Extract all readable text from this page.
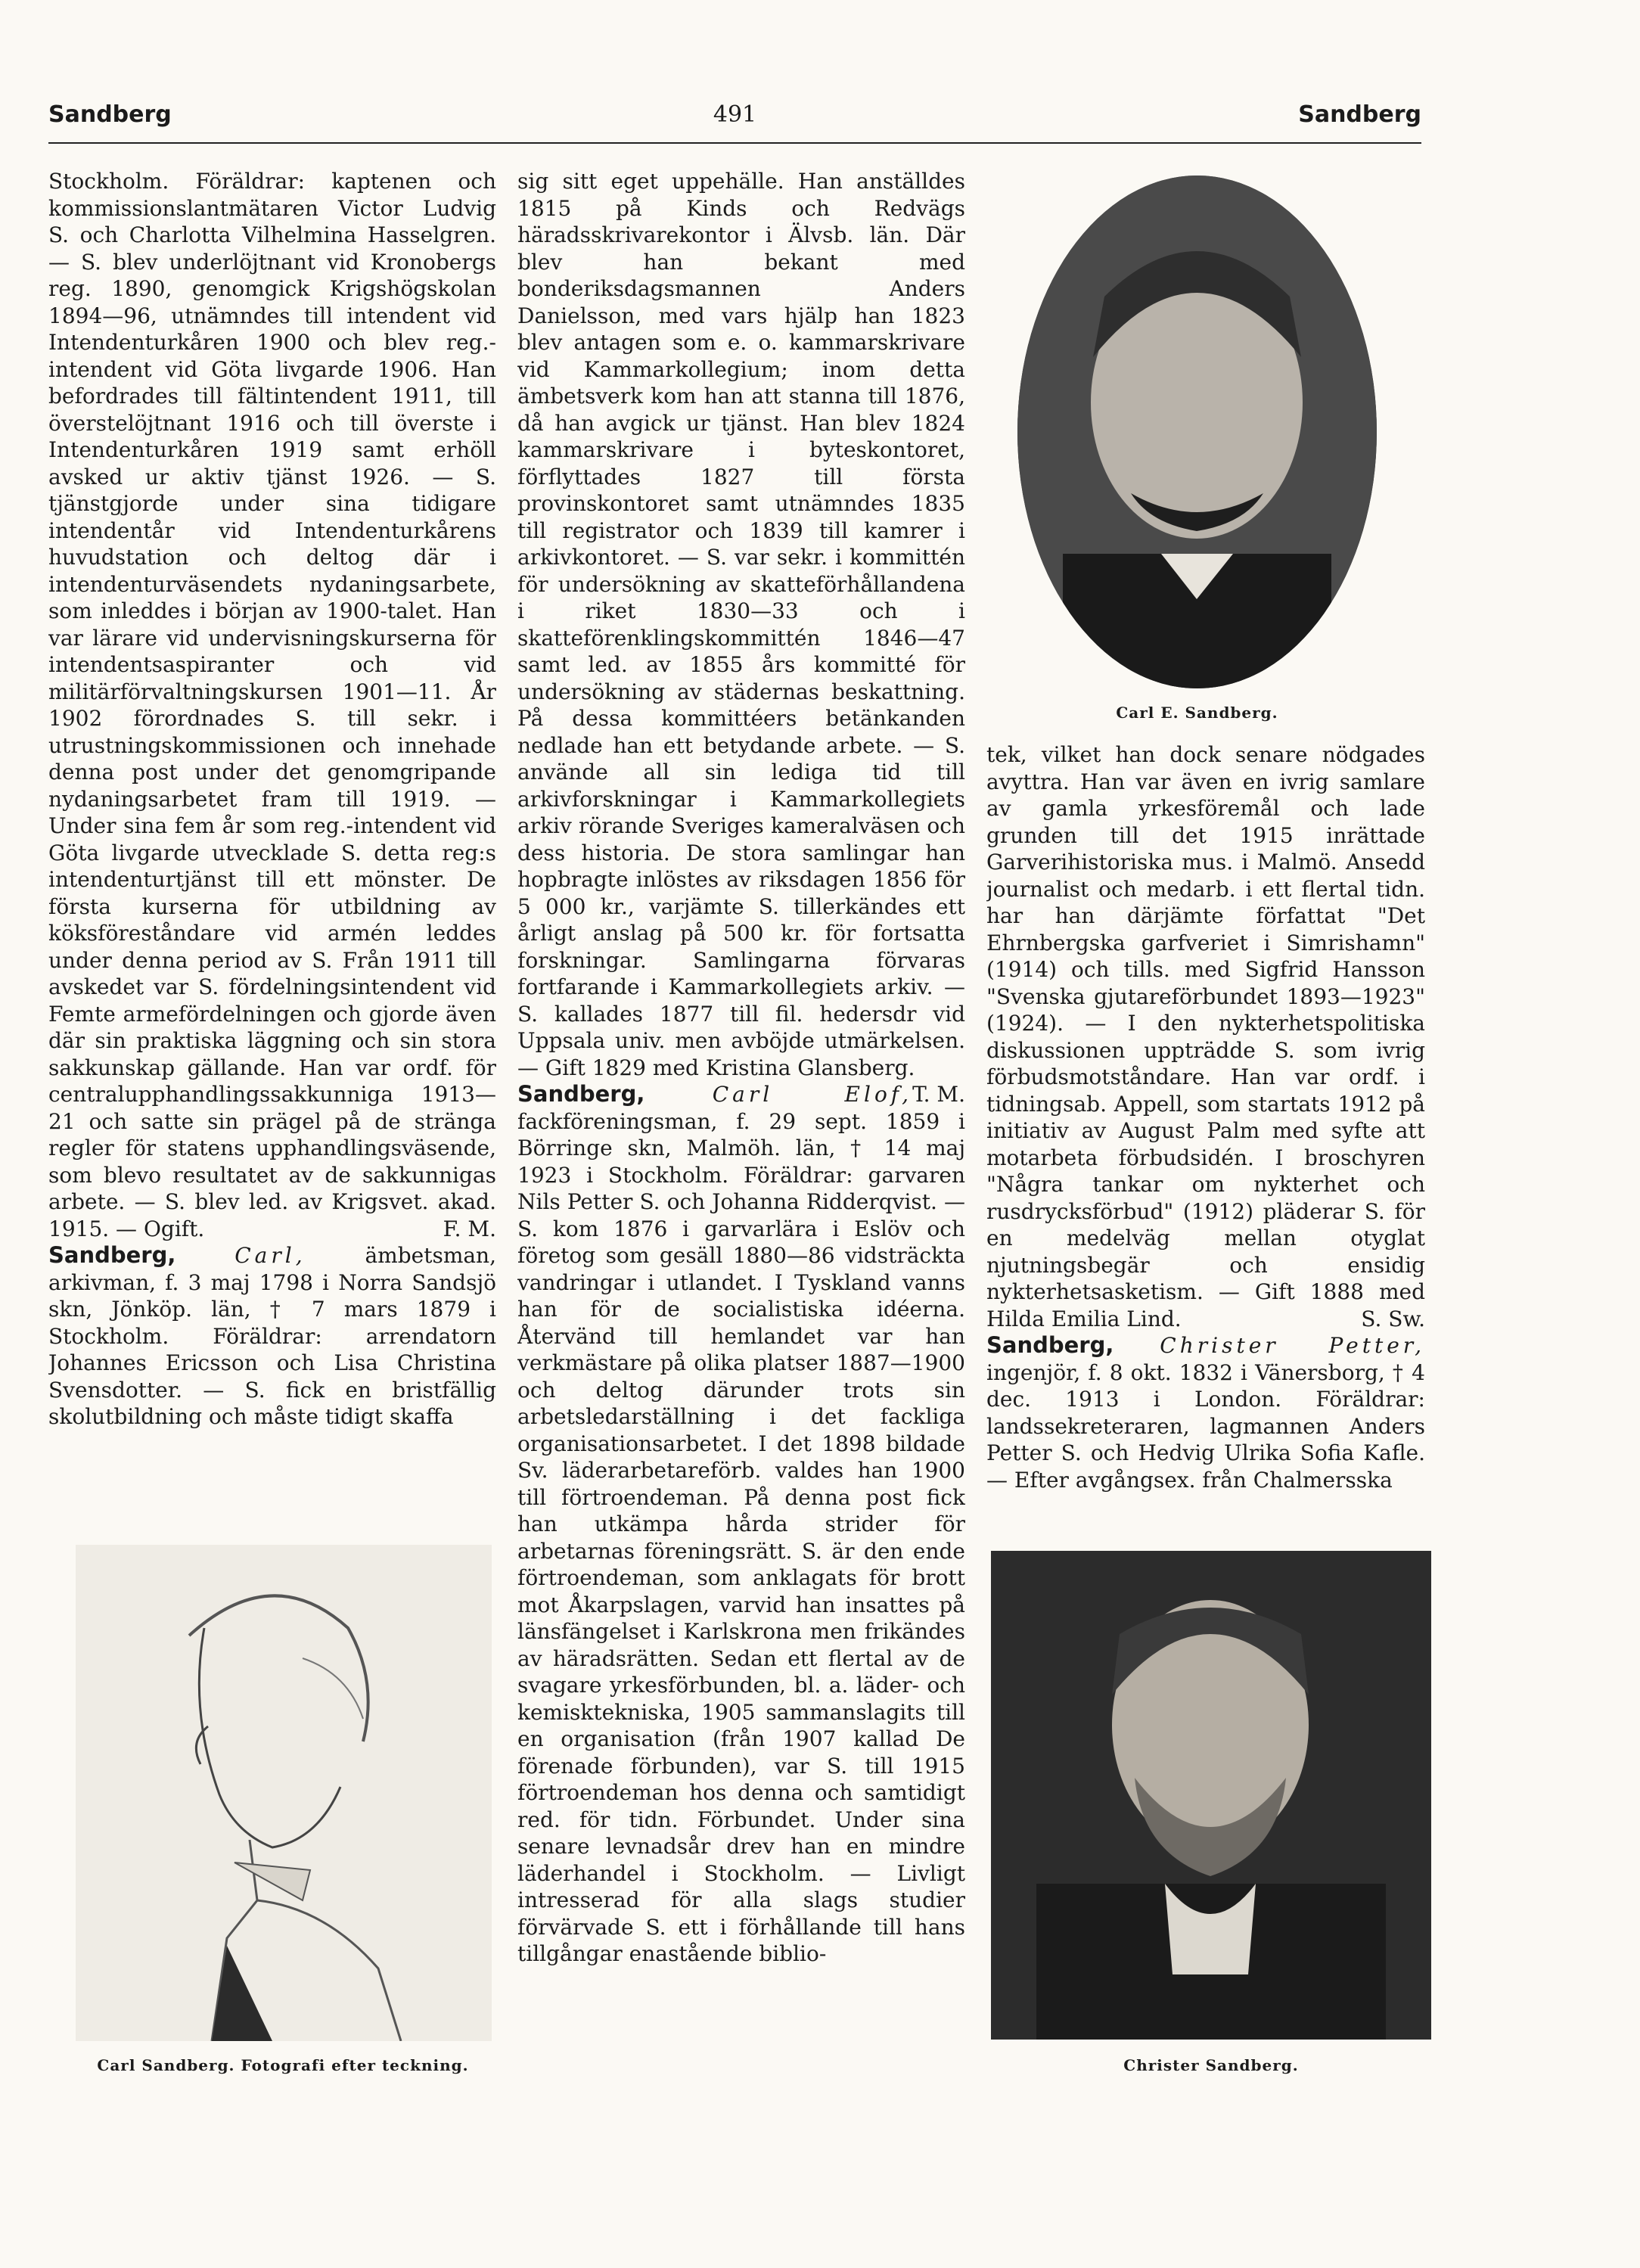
Sandberg	491	Sandberg

Stockholm. Föräldrar: kaptenen och kommissionslantmätaren Victor Ludvig S. och Charlotta Vilhelmina Hasselgren. — S. blev underlöjtnant vid Kronobergs reg. 1890, genomgick Krigshögskolan 1894—96, utnämndes till intendent vid Intendenturkåren 1900 och blev reg.-intendent vid Göta livgarde 1906. Han befordrades till fältintendent 1911, till överstelöjtnant 1916 och till överste i Intendenturkåren 1919 samt erhöll avsked ur aktiv tjänst 1926. — S. tjänstgjorde under sina tidigare intendentår vid Intendenturkårens huvudstation och deltog där i intendenturväsendets nydaningsarbete, som inleddes i början av 1900-talet. Han var lärare vid undervisningskurserna för intendentsaspiranter och vid militärförvaltningskursen 1901—11. År 1902 förordnades S. till sekr. i utrustningskommissionen och innehade denna post under det genomgripande nydaningsarbetet fram till 1919. — Under sina fem år som reg.-intendent vid Göta livgarde utvecklade S. detta reg:s intendenturtjänst till ett mönster. De första kurserna för utbildning av köksföreståndare vid armén leddes under denna period av S. Från 1911 till avskedet var S. fördelningsintendent vid Femte armefördelningen och gjorde även där sin praktiska läggning och sin stora sakkunskap gällande. Han var ordf. för centralupphandlingssakkunniga 1913—21 och satte sin prägel på de stränga regler för statens upphandlingsväsende, som blevo resultatet av de sakkunnigas arbete. — S. blev led. av Krigsvet. akad. 1915. — Ogift.	F. M.

Sandberg,	Carl,	ämbetsman, arkivman, f. 3 maj 1798 i Norra Sandsjö skn, Jönköp. län, † 7 mars 1879 i Stockholm. Föräldrar: arrendatorn Johannes Ericsson och Lisa Christina Svensdotter. — S. fick en bristfällig skolutbildning och måste tidigt skaffa

sig sitt eget uppehälle. Han anställdes 1815 på Kinds och Redvägs häradsskrivarekontor i Älvsb. län. Där blev han bekant med bonderiksdagsmannen Anders Danielsson, med vars hjälp han 1823 blev antagen som e. o. kammarskrivare vid Kammarkollegium; inom detta ämbetsverk kom han att stanna till 1876, då han avgick ur tjänst. Han blev 1824 kammarskrivare i byteskontoret, förflyttades 1827 till första provinskontoret samt utnämndes 1835 till registrator och 1839 till kamrer i arkivkontoret. — S. var sekr. i kommittén för undersökning av skatteförhållandena i riket 1830—33 och i skatteförenklingskommittén 1846—47 samt led. av 1855 års kommitté för undersökning av städernas beskattning. På dessa kommittéers betänkanden nedlade han ett betydande arbete. — S. använde all sin lediga tid till arkivforskningar i Kammarkollegiets arkiv rörande Sveriges kameralväsen och dess historia. De stora samlingar han hopbragte inlöstes av riksdagen 1856 för 5 000 kr., varjämte S. tillerkändes ett årligt anslag på 500 kr. för fortsatta forskningar. Samlingarna förvaras fortfarande i Kammarkollegiets arkiv. — S. kallades 1877 till fil. hedersdr vid Uppsala univ. men avböjde utmärkelsen. — Gift 1829 med Kristina Glansberg.
T. M.

Sandberg,	Carl Elof, fackföreningsman, f. 29 sept. 1859 i Börringe skn, Malmöh. län, † 14 maj 1923 i Stockholm. Föräldrar: garvaren Nils Petter S. och Johanna Ridderqvist. — S. kom 1876 i garvarlära i Eslöv och företog som gesäll 1880—86 vidsträckta vandringar i utlandet. I Tyskland vanns han för de socialistiska idéerna. Återvänd till hemlandet var han verkmästare på olika platser 1887—1900 och deltog därunder trots sin arbetsledarställning i det fackliga organisationsarbetet. I det 1898 bildade Sv. läderarbetareförb. valdes han 1900 till förtroendeman. På denna post fick han utkämpa hårda strider för arbetarnas föreningsrätt. S. är den ende förtroendeman, som anklagats för brott mot Åkarpslagen, varvid han insattes på länsfängelset i Karlskrona men frikändes av häradsrätten. Sedan ett flertal av de svagare yrkesförbunden, bl. a. läder- och kemisktekniska, 1905 sammanslagits till en organisation (från 1907 kallad De förenade förbunden), var S. till 1915 förtroendeman hos denna och samtidigt red. för tidn. Förbundet. Under sina senare levnadsår drev han en mindre läderhandel i Stockholm. — Livligt intresserad för alla slags studier förvärvade S. ett i förhållande till hans tillgångar enastående biblio-

tek, vilket han dock senare nödgades avyttra. Han var även en ivrig samlare av gamla yrkesföremål och lade grunden till det 1915 inrättade Garverihistoriska mus. i Malmö. Ansedd journalist och medarb. i ett flertal tidn. har han därjämte författat "Det Ehrnbergska garfveriet i Simrishamn" (1914) och tills. med Sigfrid Hansson "Svenska gjutareförbundet 1893—1923" (1924). — I den nykterhetspolitiska diskussionen uppträdde S. som ivrig förbudsmotståndare. Han var ordf. i tidningsab. Appell, som startats 1912 på initiativ av August Palm med syfte att motarbeta förbudsidén. I broschyren "Några tankar om nykterhet och rusdrycksförbud" (1912) pläderar S. för en medelväg mellan otyglat njutningsbegär och ensidig nykterhetsasketism. — Gift 1888 med Hilda Emilia Lind.	S. Sw.

Sandberg, Christer Petter, ingenjör, f. 8 okt. 1832 i Vänersborg, † 4 dec. 1913 i London. Föräldrar: landssekreteraren, lagmannen Anders Petter S. och Hedvig Ulrika Sofia Kafle. — Efter avgångsex. från Chalmersska

Carl E. Sandberg.
Carl Sandberg. Fotografi efter teckning.	Christer Sandberg.
